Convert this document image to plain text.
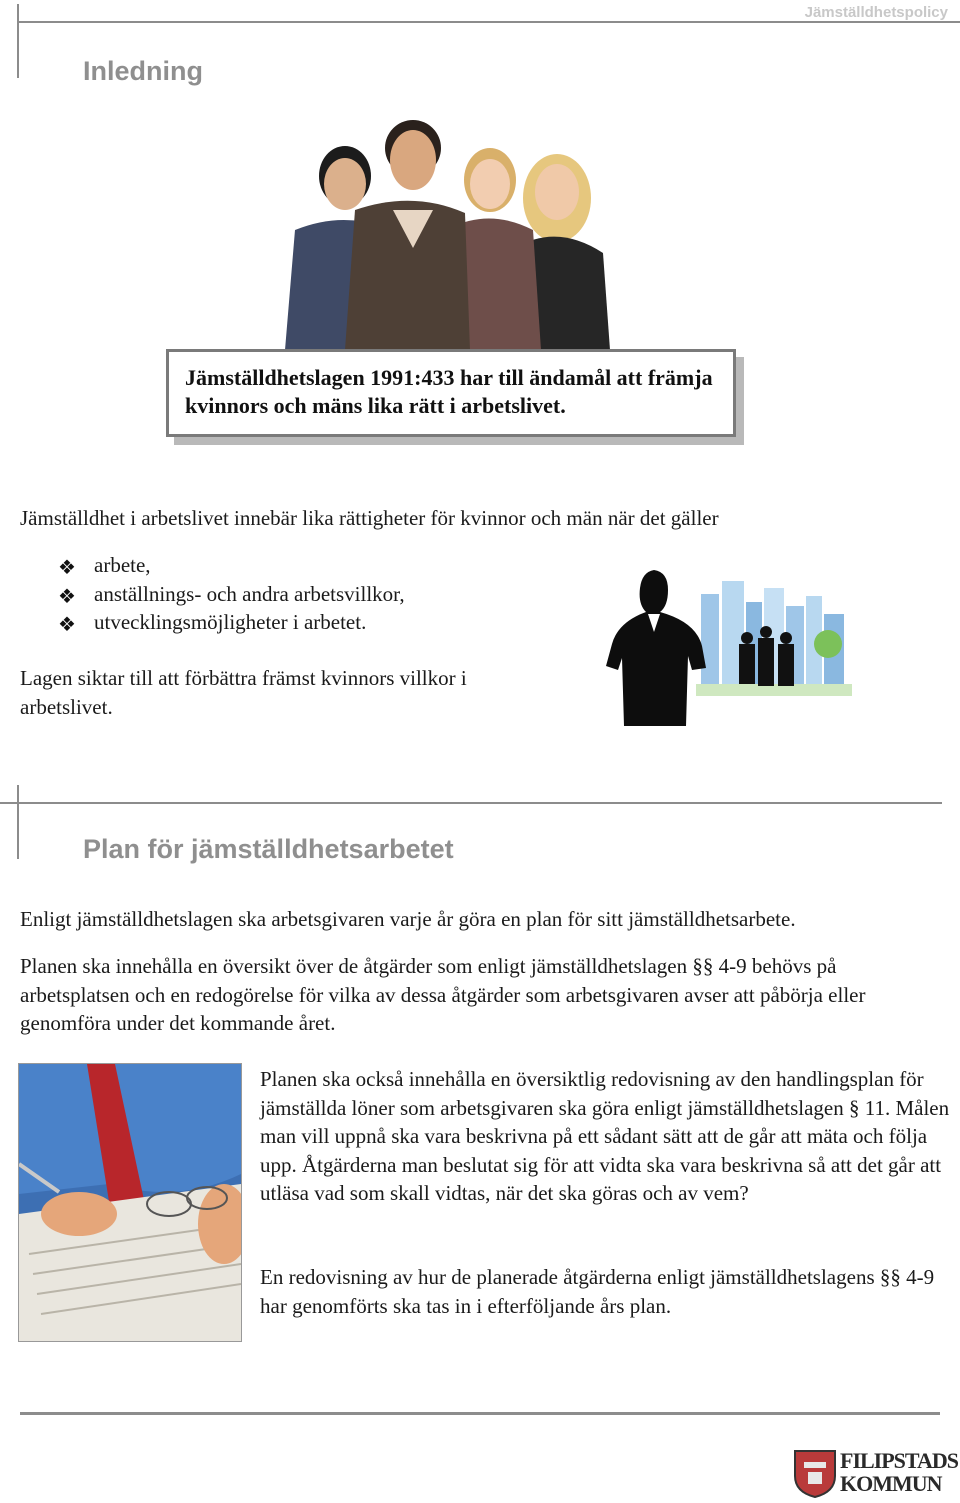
Jämställdhetspolicy
Inledning
Jämställdhetslagen 1991:433 har till ändamål att främja kvinnors och mäns lika rätt i arbetslivet.
Jämställdhet i arbetslivet innebär lika rättigheter för kvinnor och män när det gäller
❖ arbete,
❖ anställnings- och andra arbetsvillkor,
❖ utvecklingsmöjligheter i arbetet.
Lagen siktar till att förbättra främst kvinnors villkor i arbetslivet.
Plan för jämställdhetsarbetet
Enligt jämställdhetslagen ska arbetsgivaren varje år göra en plan för sitt jämställdhetsarbete.
Planen ska innehålla en översikt över de åtgärder som enligt jämställdhetslagen §§ 4-9 behövs på arbetsplatsen och en redogörelse för vilka av dessa åtgärder som arbetsgivaren avser att påbörja eller genomföra under det kommande året.
Planen ska också innehålla en översiktlig redovisning av den handlingsplan för jämställda löner som arbetsgivaren ska göra enligt jämställdhetslagen § 11. Målen man vill uppnå ska vara beskrivna på ett sådant sätt att de går att mäta och följa upp. Åtgärderna man beslutat sig för att vidta ska vara beskrivna så att det går att utläsa vad som skall vidtas, när det ska göras och av vem?
En redovisning av hur de planerade åtgärderna enligt jämställdhetslagens §§ 4-9 har genomförts ska tas in i efterföljande års plan.
FILIPSTADS
KOMMUN
